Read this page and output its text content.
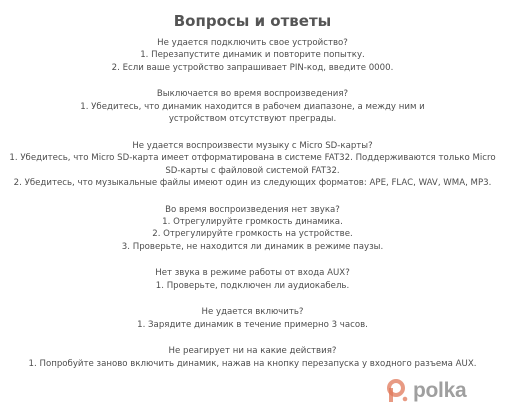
Вопросы и ответы
Не удается подключить свое устройство?
1. Перезапустите динамик и повторите попытку.
2. Если ваше устройство запрашивает PIN-код, введите 0000.
Выключается во время воспроизведения?
1. Убедитесь, что динамик находится в рабочем диапазоне, а между ним и устройством отсутствуют преграды.
Не удается воспроизвести музыку с Micro SD-карты?
1. Убедитесь, что Micro SD-карта имеет отформатирована в системе FAT32. Поддерживаются только Micro SD-карты с файловой системой FAT32.
2. Убедитесь, что музыкальные файлы имеют один из следующих форматов: APE, FLAC, WAV, WMA, MP3.
Во время воспроизведения нет звука?
1. Отрегулируйте громкость динамика.
2. Отрегулируйте громкость на устройстве.
3. Проверьте, не находится ли динамик в режиме паузы.
Нет звука в режиме работы от входа AUX?
1. Проверьте, подключен ли аудиокабель.
Не удается включить?
1. Зарядите динамик в течение примерно 3 часов.
Не реагирует ни на какие действия?
1. Попробуйте заново включить динамик, нажав на кнопку перезапуска у входного разъема AUX.
polka
